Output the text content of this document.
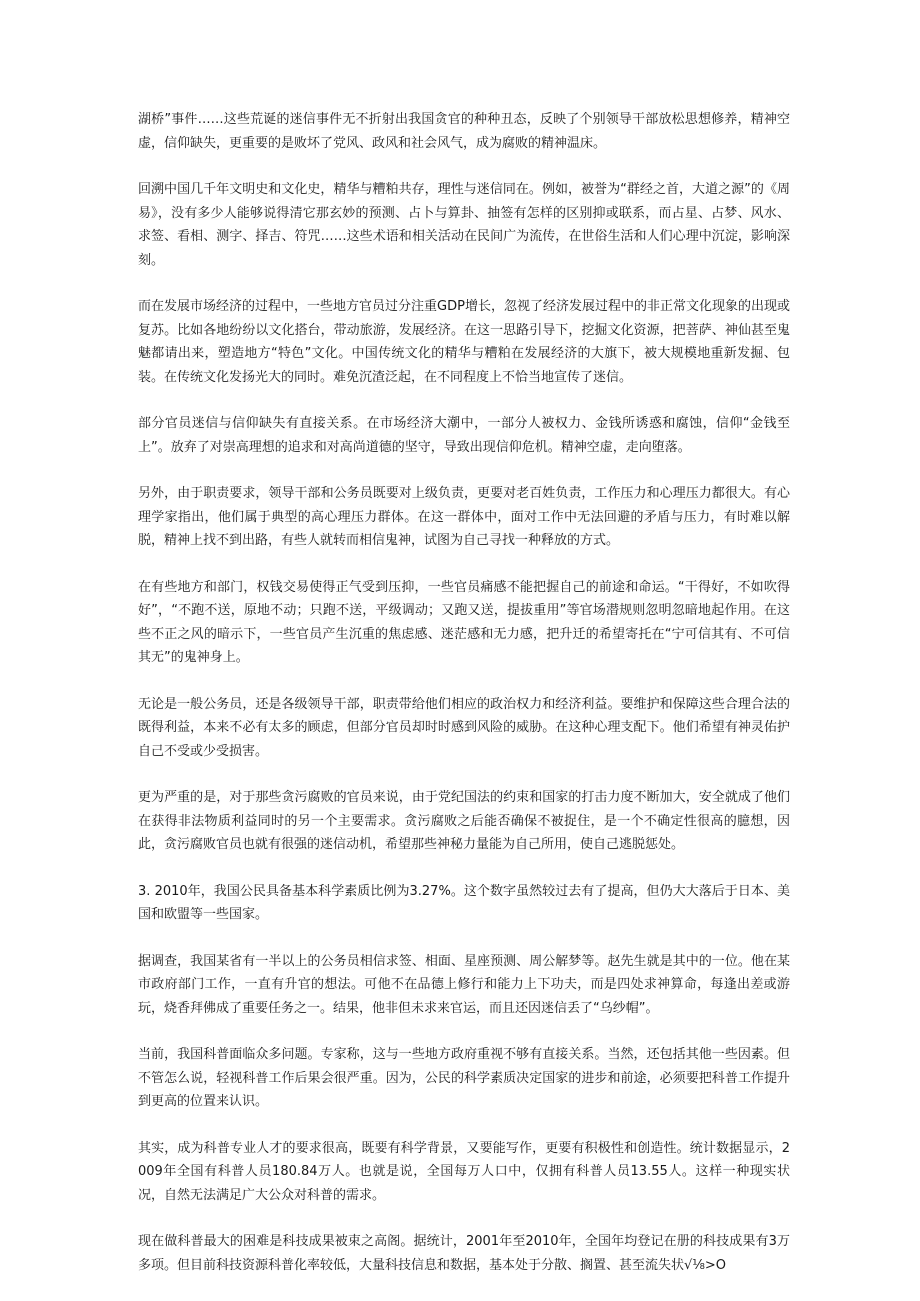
湖桥”事件……这些荒诞的迷信事件无不折射出我国贪官的种种丑态，反映了个别领导干部放松思想修养，精神空虚，信仰缺失，更重要的是败坏了党风、政风和社会风气，成为腐败的精神温床。

回溯中国几千年文明史和文化史，精华与糟粕共存，理性与迷信同在。例如，被誉为“群经之首，大道之源”的《周易》，没有多少人能够说得清它那玄妙的预测、占卜与算卦、抽签有怎样的区别抑或联系，而占星、占梦、风水、求签、看相、测字、择吉、符咒……这些术语和相关活动在民间广为流传，在世俗生活和人们心理中沉淀，影响深刻。

而在发展市场经济的过程中，一些地方官员过分注重GDP增长，忽视了经济发展过程中的非正常文化现象的出现或复苏。比如各地纷纷以文化搭台，带动旅游，发展经济。在这一思路引导下，挖掘文化资源，把菩萨、神仙甚至鬼魅都请出来，塑造地方“特色”文化。中国传统文化的精华与糟粕在发展经济的大旗下，被大规模地重新发掘、包装。在传统文化发扬光大的同时。难免沉渣泛起，在不同程度上不恰当地宣传了迷信。

部分官员迷信与信仰缺失有直接关系。在市场经济大潮中，一部分人被权力、金钱所诱惑和腐蚀，信仰“金钱至上”。放弃了对崇高理想的追求和对高尚道德的坚守，导致出现信仰危机。精神空虚，走向堕落。

另外，由于职责要求，领导干部和公务员既要对上级负责，更要对老百姓负责，工作压力和心理压力都很大。有心理学家指出，他们属于典型的高心理压力群体。在这一群体中，面对工作中无法回避的矛盾与压力，有时难以解脱，精神上找不到出路，有些人就转而相信鬼神，试图为自己寻找一种释放的方式。

在有些地方和部门，权钱交易使得正气受到压抑，一些官员痛感不能把握自己的前途和命运。“干得好，不如吹得好”，“不跑不送，原地不动；只跑不送，平级调动；又跑又送，提拔重用”等官场潜规则忽明忽暗地起作用。在这些不正之风的暗示下，一些官员产生沉重的焦虑感、迷茫感和无力感，把升迁的希望寄托在“宁可信其有、不可信其无”的鬼神身上。

无论是一般公务员，还是各级领导干部，职责带给他们相应的政治权力和经济利益。要维护和保障这些合理合法的既得利益，本来不必有太多的顾虑，但部分官员却时时感到风险的威胁。在这种心理支配下。他们希望有神灵佑护自己不受或少受损害。

更为严重的是，对于那些贪污腐败的官员来说，由于党纪国法的约束和国家的打击力度不断加大，安全就成了他们在获得非法物质利益同时的另一个主要需求。贪污腐败之后能否确保不被捉住，是一个不确定性很高的臆想，因此，贪污腐败官员也就有很强的迷信动机，希望那些神秘力量能为自己所用，使自己逃脱惩处。

3. 2010年，我国公民具备基本科学素质比例为3.27%。这个数字虽然较过去有了提高，但仍大大落后于日本、美国和欧盟等一些国家。

据调查，我国某省有一半以上的公务员相信求签、相面、星座预测、周公解梦等。赵先生就是其中的一位。他在某市政府部门工作，一直有升官的想法。可他不在品德上修行和能力上下功夫，而是四处求神算命，每逢出差或游玩，烧香拜佛成了重要任务之一。结果，他非但未求来官运，而且还因迷信丢了“乌纱帽”。

当前，我国科普面临众多问题。专家称，这与一些地方政府重视不够有直接关系。当然，还包括其他一些因素。但不管怎么说，轻视科普工作后果会很严重。因为，公民的科学素质决定国家的进步和前途，必须要把科普工作提升到更高的位置来认识。

其实，成为科普专业人才的要求很高，既要有科学背景，又要能写作，更要有积极性和创造性。统计数据显示，2009年全国有科普人员180.84万人。也就是说，全国每万人口中，仅拥有科普人员13.55人。这样一种现实状况，自然无法满足广大公众对科普的需求。

现在做科普最大的困难是科技成果被束之高阁。据统计，2001年至2010年，全国年均登记在册的科技成果有3万多项。但目前科技资源科普化率较低，大量科技信息和数据，基本处于分散、搁置、甚至流失状√⅛>O
